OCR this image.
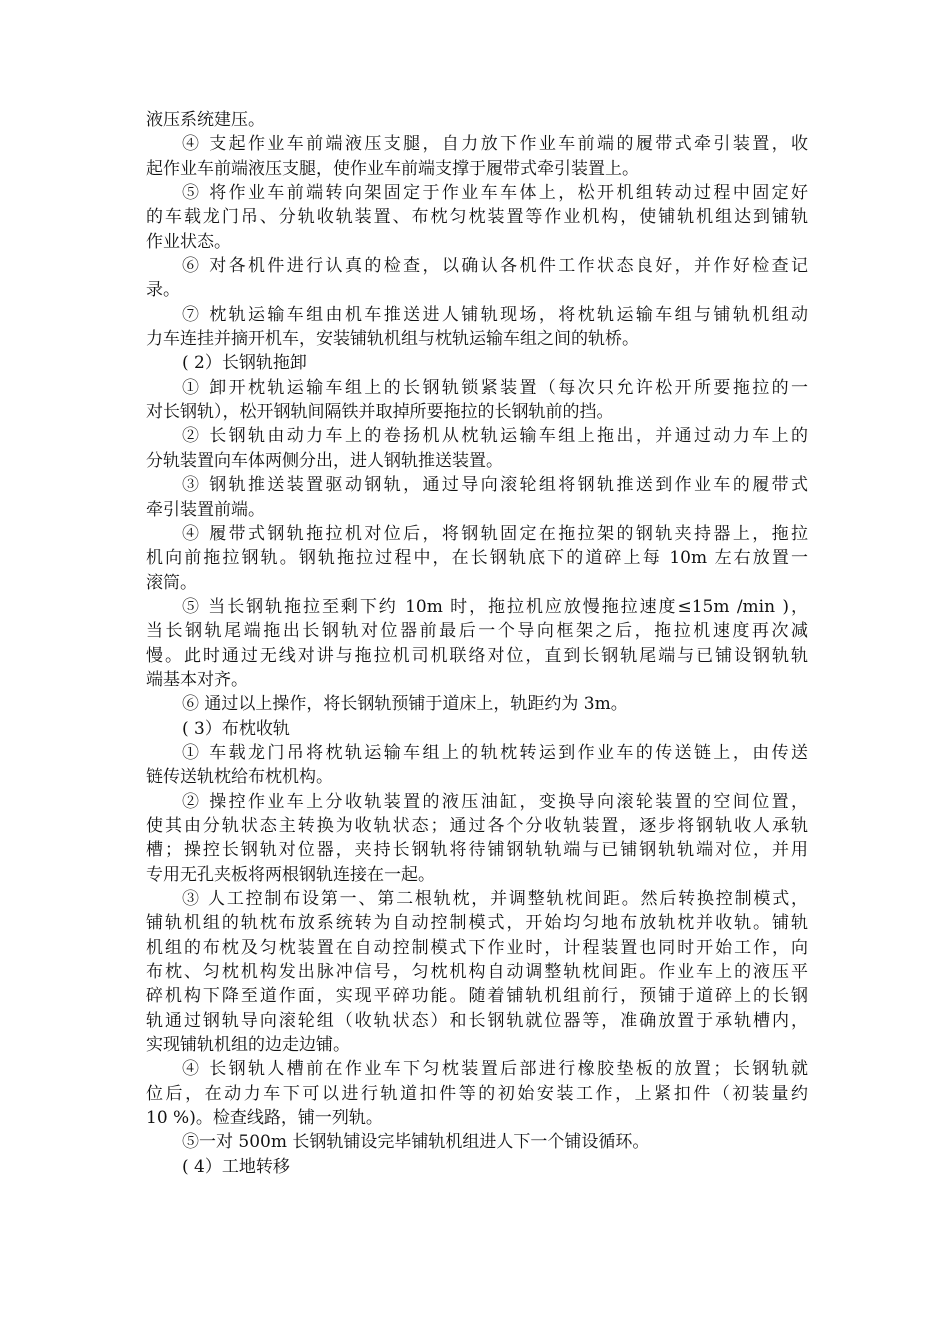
液压系统建压。
④ 支起作业车前端液压支腿，自力放下作业车前端的履带式牵引装置，收
起作业车前端液压支腿，使作业车前端支撑于履带式牵引装置上。
⑤ 将作业车前端转向架固定于作业车车体上，松开机组转动过程中固定好
的车载龙门吊、分轨收轨装置、布枕匀枕装置等作业机构，使铺轨机组达到铺轨
作业状态。
⑥ 对各机件进行认真的检查，以确认各机件工作状态良好，并作好检查记
录。
⑦ 枕轨运输车组由机车推送进人铺轨现场，将枕轨运输车组与铺轨机组动
力车连挂并摘开机车，安装铺轨机组与枕轨运输车组之间的轨桥。
( 2）长钢轨拖卸
① 卸开枕轨运输车组上的长钢轨锁紧装置（每次只允许松开所要拖拉的一
对长钢轨），松开钢轨间隔铁并取掉所要拖拉的长钢轨前的挡。
② 长钢轨由动力车上的卷扬机从枕轨运输车组上拖出，并通过动力车上的
分轨装置向车体两侧分出，进人钢轨推送装置。
③ 钢轨推送装置驱动钢轨，通过导向滚轮组将钢轨推送到作业车的履带式
牵引装置前端。
④ 履带式钢轨拖拉机对位后，将钢轨固定在拖拉架的钢轨夹持器上，拖拉
机向前拖拉钢轨。钢轨拖拉过程中，在长钢轨底下的道碎上每 10m 左右放置一
滚筒。
⑤ 当长钢轨拖拉至剩下约 10m 时，拖拉机应放慢拖拉速度≤15m /min )，
当长钢轨尾端拖出长钢轨对位器前最后一个导向框架之后，拖拉机速度再次减
慢。此时通过无线对讲与拖拉机司机联络对位，直到长钢轨尾端与已铺设钢轨轨
端基本对齐。
⑥ 通过以上操作，将长钢轨预铺于道床上，轨距约为 3m。
( 3）布枕收轨
① 车载龙门吊将枕轨运输车组上的轨枕转运到作业车的传送链上，由传送
链传送轨枕给布枕机构。
② 操控作业车上分收轨装置的液压油缸，变换导向滚轮装置的空间位置，
使其由分轨状态主转换为收轨状态；通过各个分收轨装置，逐步将钢轨收人承轨
槽；操控长钢轨对位器，夹持长钢轨将待铺钢轨轨端与已铺钢轨轨端对位，并用
专用无孔夹板将两根钢轨连接在一起。
③ 人工控制布设第一、第二根轨枕，并调整轨枕间距。然后转换控制模式，
铺轨机组的轨枕布放系统转为自动控制模式，开始均匀地布放轨枕并收轨。铺轨
机组的布枕及匀枕装置在自动控制模式下作业时，计程装置也同时开始工作，向
布枕、匀枕机构发出脉冲信号，匀枕机构自动调整轨枕间距。作业车上的液压平
碎机构下降至道作面，实现平碎功能。随着铺轨机组前行，预铺于道碎上的长钢
轨通过钢轨导向滚轮组（收轨状态）和长钢轨就位器等，准确放置于承轨槽内，
实现铺轨机组的边走边铺。
④ 长钢轨人槽前在作业车下匀枕装置后部进行橡胶垫板的放置；长钢轨就
位后，在动力车下可以进行轨道扣件等的初始安装工作，上紧扣件（初装量约
10 %)。检查线路，铺一列轨。
⑤一对 500m 长钢轨铺设完毕铺轨机组进人下一个铺设循环。
( 4）工地转移
